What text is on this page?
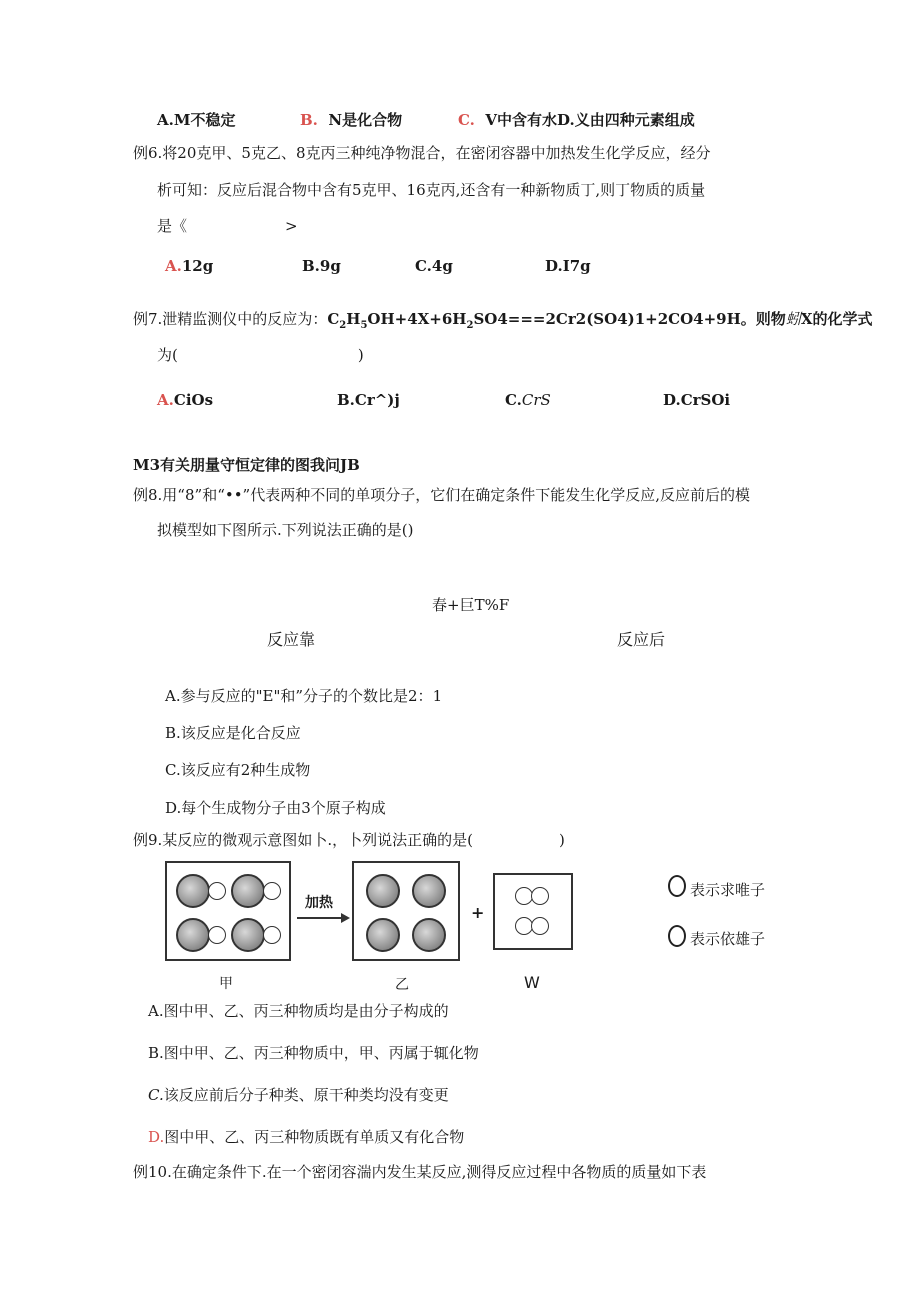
A.M不稳定	B. N是化合物	C. V中含有水D.义由四种元素组成
例6.将20克甲、5克乙、8克丙三种纯净物混合，在密闭容器中加热发生化学反应，经分
析可知：反应后混合物中含有5克甲、16克丙,还含有一种新物质丁,则丁物质的质量
是《	>
A.12g	B.9g	C.4g	D.I7g
例7.泄精监测仪中的反应为：$C_2H_5OH+4X+6H_2SO4===2Cr2(SO4)1+2CO4+9H$。则物蚓X的化学式
为(	)
A.CiOs	B.Cr^)j	C.CrS	D.CrSOi
M3有关朋量守恒定律的图我问JB
例8.用“8”和“••”代表两种不同的单项分子，它们在确定条件下能发生化学反应,反应前后的模
拟模型如下图所示.下列说法正确的是()
春+巨T%F
反应靠	反应后
A.参与反应的"E"和”分子的个数比是2：1
B.该反应是化合反应
C.该反应有2种生成物
D.每个生成物分子由3个原子构成
例9.某反应的微观示意图如卜.，卜列说法正确的是(	)
加热	+
表示求唯子
表示依雄子
甲	乙	W
A.图中甲、乙、丙三种物质均是由分子构成的
B.图中甲、乙、丙三种物质中，甲、丙属于辄化物
C.该反应前后分子种类、原干种类均没有变更
D.图中甲、乙、丙三种物质既有单质又有化合物
例10.在确定条件下.在一个密闭容湍内发生某反应,测得反应过程中各物质的质量如下表
